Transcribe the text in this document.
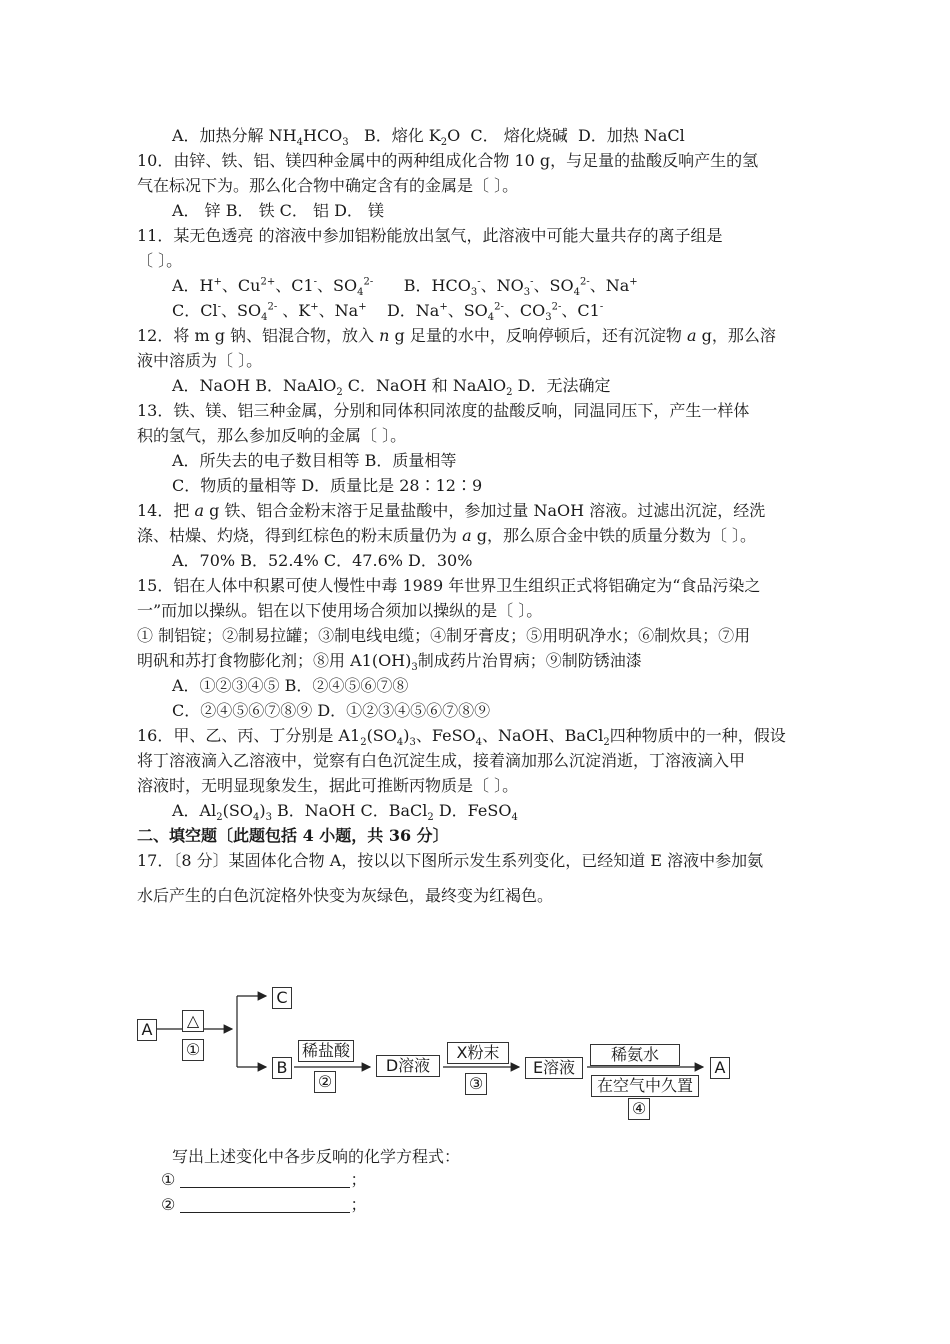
A．加热分解 $NH_4HCO_3$ B．熔化 $K_2O$ C． 熔化烧碱 D．加热 NaCl
10．由锌、铁、铝、镁四种金属中的两种组成化合物 10 g，与足量的盐酸反响产生的氢
气在标况下为。那么化合物中确定含有的金属是〔 〕。
A． 锌 B． 铁 C． 铝 D． 镁
11．某无色透亮 的溶液中参加铝粉能放出氢气，此溶液中可能大量共存的离子组是
〔 〕。
A．H+、$Cu^{2+}$、C1-、$SO_4^{2-}$ B．$HCO_3^-$、$NO_3^-$、$SO_4^{2-}$、Na+
C．Cl-、$SO_4^{2-}$ 、K+、Na+ D．Na+、$SO_4^{2-}$、$CO_3^{2-}$、C1-
12．将 m g 钠、铝混合物，放入 n g 足量的水中，反响停顿后，还有沉淀物 a g，那么溶
液中溶质为〔 〕。
A．NaOH B．NaAlO$_2$ C．NaOH 和 NaAlO$_2$ D．无法确定
13．铁、镁、铝三种金属，分别和同体积同浓度的盐酸反响，同温同压下，产生一样体
积的氢气，那么参加反响的金属〔 〕。
A．所失去的电子数目相等 B．质量相等
C．物质的量相等 D．质量比是 28∶12∶9
14．把 a g 铁、铝合金粉末溶于足量盐酸中，参加过量 NaOH 溶液。过滤出沉淀，经洗
涤、枯燥、灼烧，得到红棕色的粉末质量仍为 a g，那么原合金中铁的质量分数为〔 〕。
A．70% B．52.4% C．47.6% D．30%
15．铝在人体中积累可使人慢性中毒 1989 年世界卫生组织正式将铝确定为“食品污染之
一”而加以操纵。铝在以下使用场合须加以操纵的是〔 〕。
① 制铝锭；②制易拉罐；③制电线电缆；④制牙膏皮；⑤用明矾净水；⑥制炊具；⑦用
明矾和苏打食物膨化剂；⑧用 $A1(OH)_3$制成药片治胃病；⑨制防锈油漆
A．①②③④⑤ B．②④⑤⑥⑦⑧
C．②④⑤⑥⑦⑧⑨ D．①②③④⑤⑥⑦⑧⑨
16．甲、乙、丙、丁分别是 $A1_2(SO_4)_3$、FeSO$_4$、NaOH、BaCl$_2$四种物质中的一种，假设
将丁溶液滴入乙溶液中，觉察有白色沉淀生成，接着滴加那么沉淀消逝，丁溶液滴入甲
溶液时，无明显现象发生，据此可推断丙物质是〔 〕。
A．$Al_2(SO_4)_3$ B．NaOH C．BaCl$_2$ D．FeSO$_4$
二、填空题〔此题包括 4 小题，共 36 分〕
17．〔8 分〕某固体化合物 A，按以以下图所示发生系列变化，已经知道 E 溶液中参加氨
水后产生的白色沉淀格外快变为灰绿色，最终变为红褐色。
A	△
①
C
B
稀盐酸
②
D溶液
X粉末
③
E溶液
稀氨水
在空气中久置
④
A
写出上述变化中各步反响的化学方程式：
①	；
②	；
